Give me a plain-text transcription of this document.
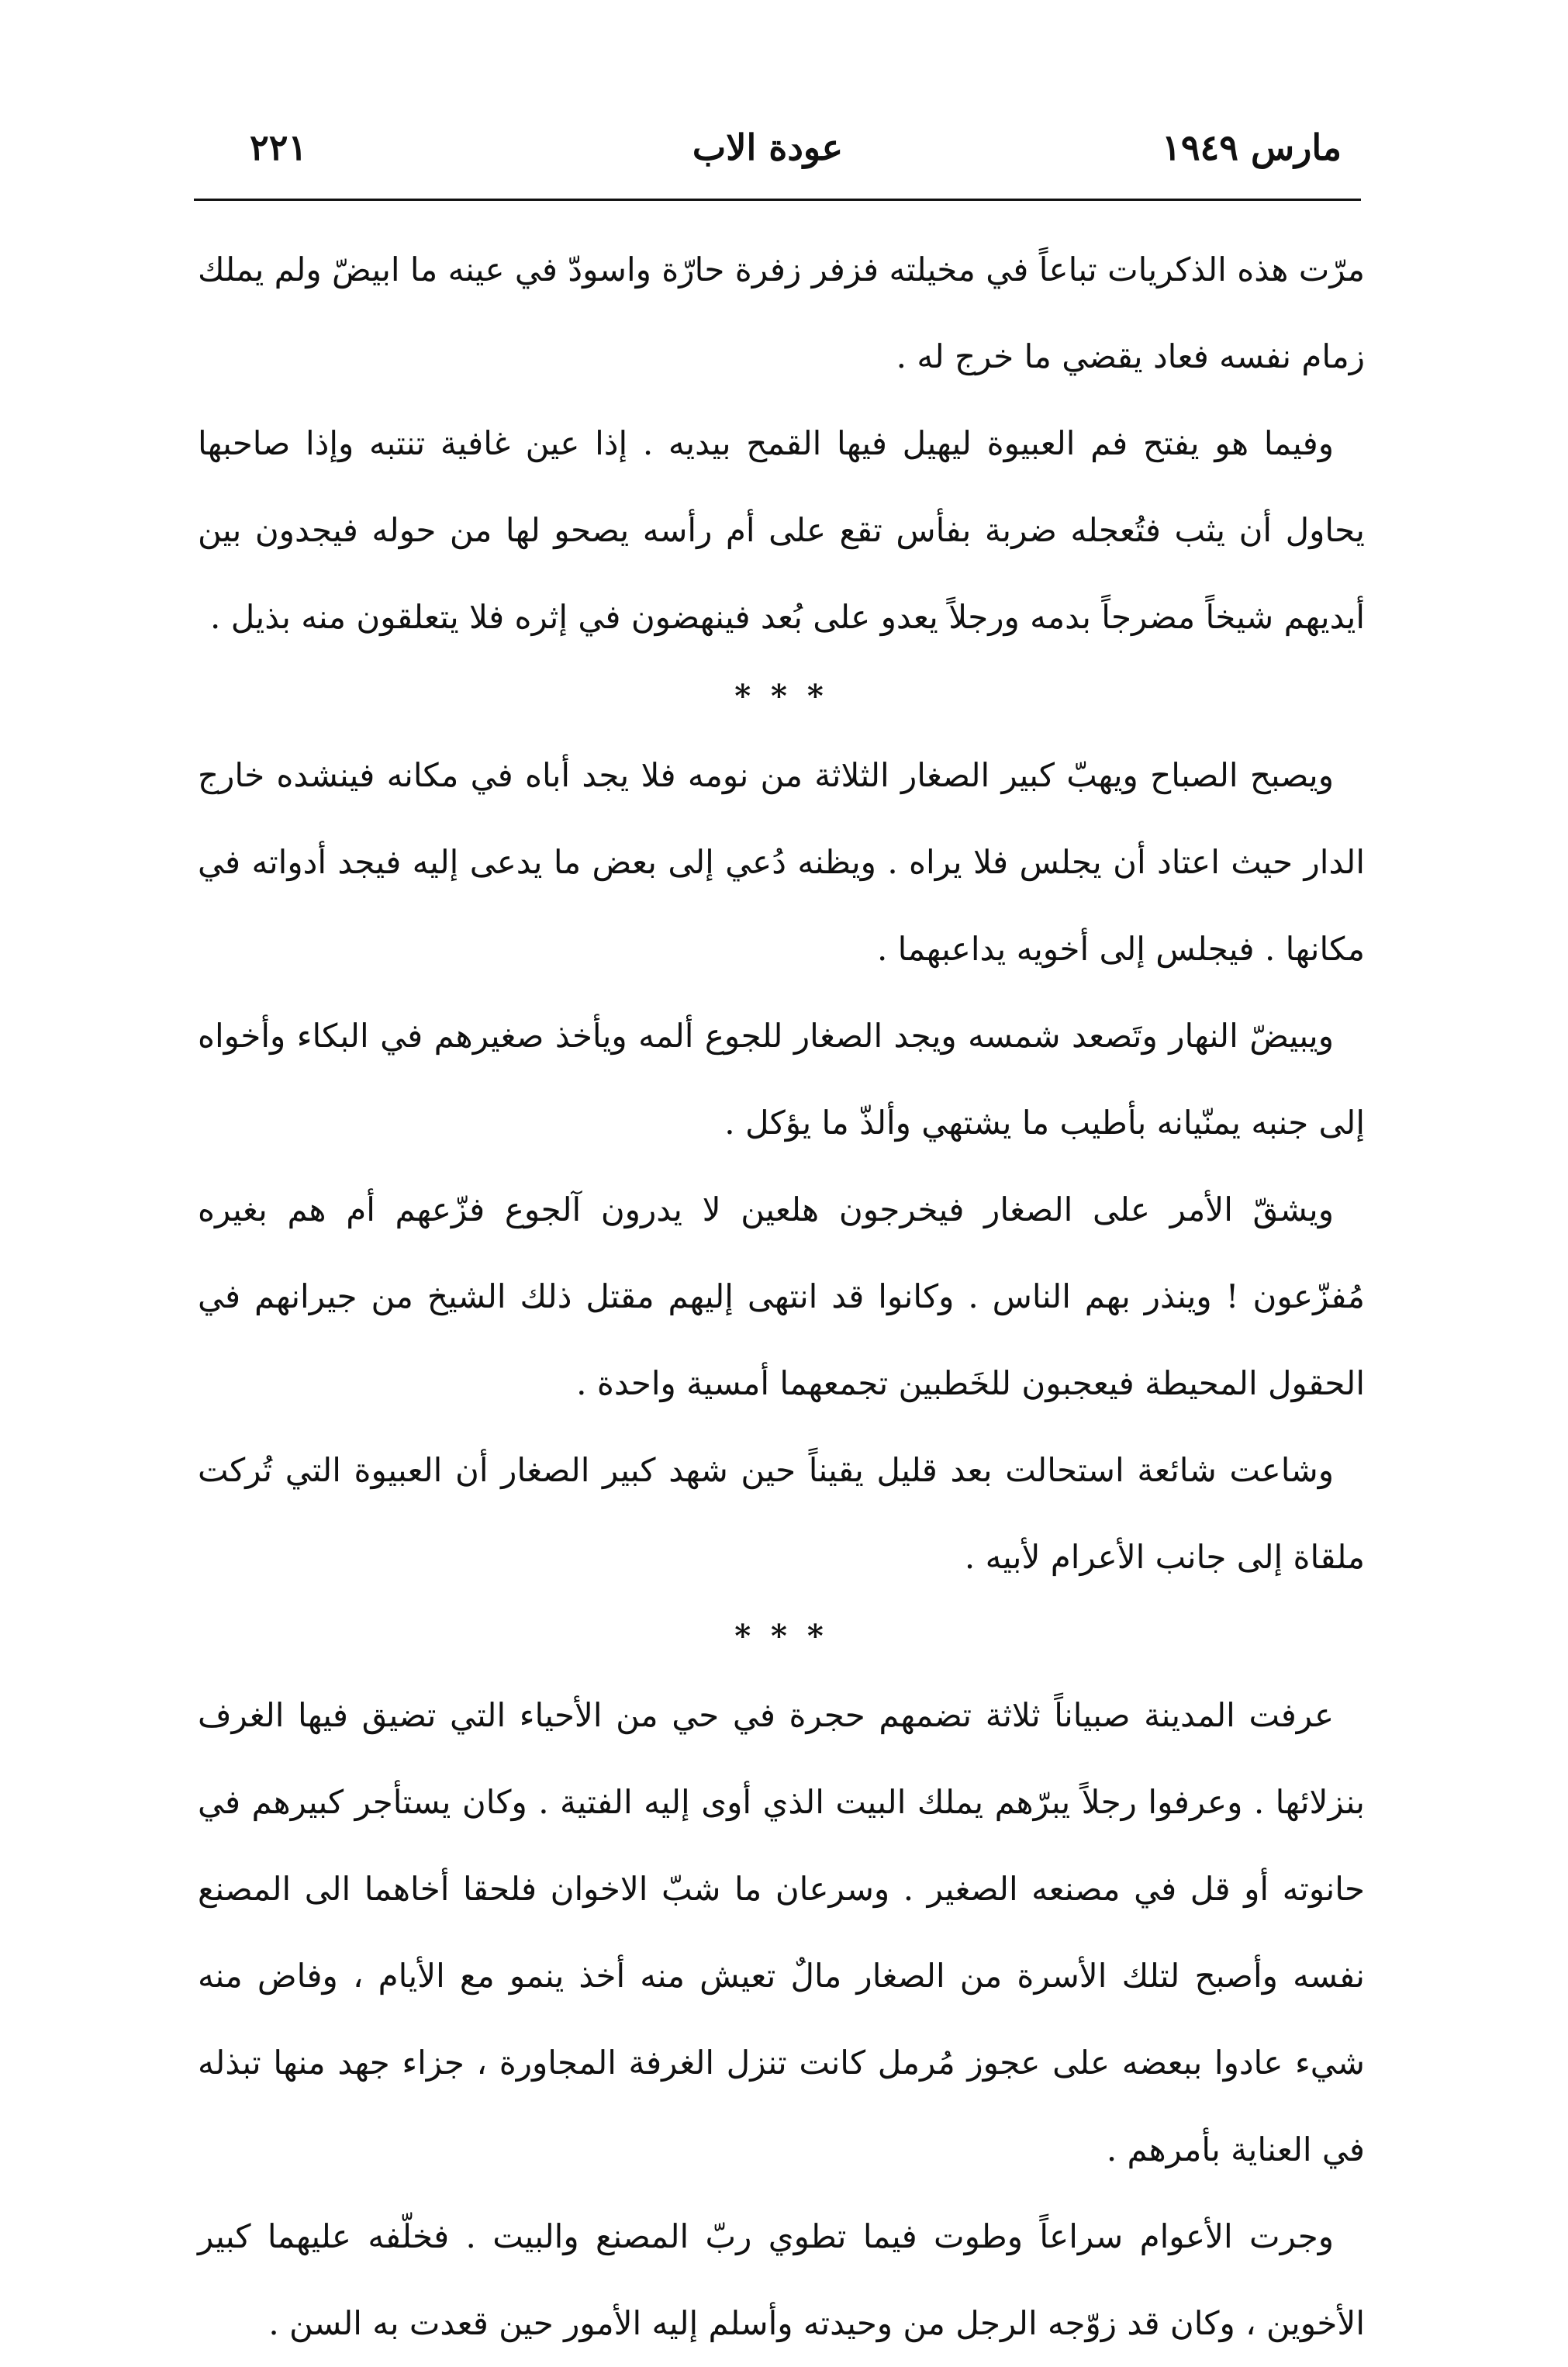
٢٢١	عودة الاب	مارس ١٩٤٩

مرّت هذه الذكريات تباعاً في مخيلته فزفر زفرة حارّة واسودّ في عينه ما ابيضّ ولم يملك زمام نفسه فعاد يقضي ما خرج له .

وفيما هو يفتح فم العبيوة ليهيل فيها القمح بيديه . إذا عين غافية تنتبه وإذا صاحبها يحاول أن يثب فتُعجله ضربة بفأس تقع على أم رأسه يصحو لها من حوله فيجدون بين أيديهم شيخاً مضرجاً بدمه ورجلاً يعدو على بُعد فينهضون في إثره فلا يتعلقون منه بذيل .

* * *

ويصبح الصباح ويهبّ كبير الصغار الثلاثة من نومه فلا يجد أباه في مكانه فينشده خارج الدار حيث اعتاد أن يجلس فلا يراه . ويظنه دُعي إلى بعض ما يدعى إليه فيجد أدواته في مكانها . فيجلس إلى أخويه يداعبهما .

ويبيضّ النهار وتَصعد شمسه ويجد الصغار للجوع ألمه ويأخذ صغيرهم في البكاء وأخواه إلى جنبه يمنّيانه بأطيب ما يشتهي وألذّ ما يؤكل .

ويشقّ الأمر على الصغار فيخرجون هلعين لا يدرون آلجوع فزّعهم أم هم بغيره مُفزّعون ! وينذر بهم الناس . وكانوا قد انتهى إليهم مقتل ذلك الشيخ من جيرانهم في الحقول المحيطة فيعجبون للخَطبين تجمعهما أمسية واحدة .

وشاعت شائعة استحالت بعد قليل يقيناً حين شهد كبير الصغار أن العبيوة التي تُركت ملقاة إلى جانب الأعرام لأبيه .

* * *

عرفت المدينة صبياناً ثلاثة تضمهم حجرة في حي من الأحياء التي تضيق فيها الغرف بنزلائها . وعرفوا رجلاً يبرّهم يملك البيت الذي أوى إليه الفتية . وكان يستأجر كبيرهم في حانوته أو قل في مصنعه الصغير . وسرعان ما شبّ الاخوان فلحقا أخاهما الى المصنع نفسه وأصبح لتلك الأسرة من الصغار مالٌ تعيش منه أخذ ينمو مع الأيام ، وفاض منه شيء عادوا ببعضه على عجوز مُرمل كانت تنزل الغرفة المجاورة ، جزاء جهد منها تبذله في العناية بأمرهم .

وجرت الأعوام سراعاً وطوت فيما تطوي ربّ المصنع والبيت . فخلّفه عليهما كبير الأخوين ، وكان قد زوّجه الرجل من وحيدته وأسلم إليه الأمور حين قعدت به السن .
